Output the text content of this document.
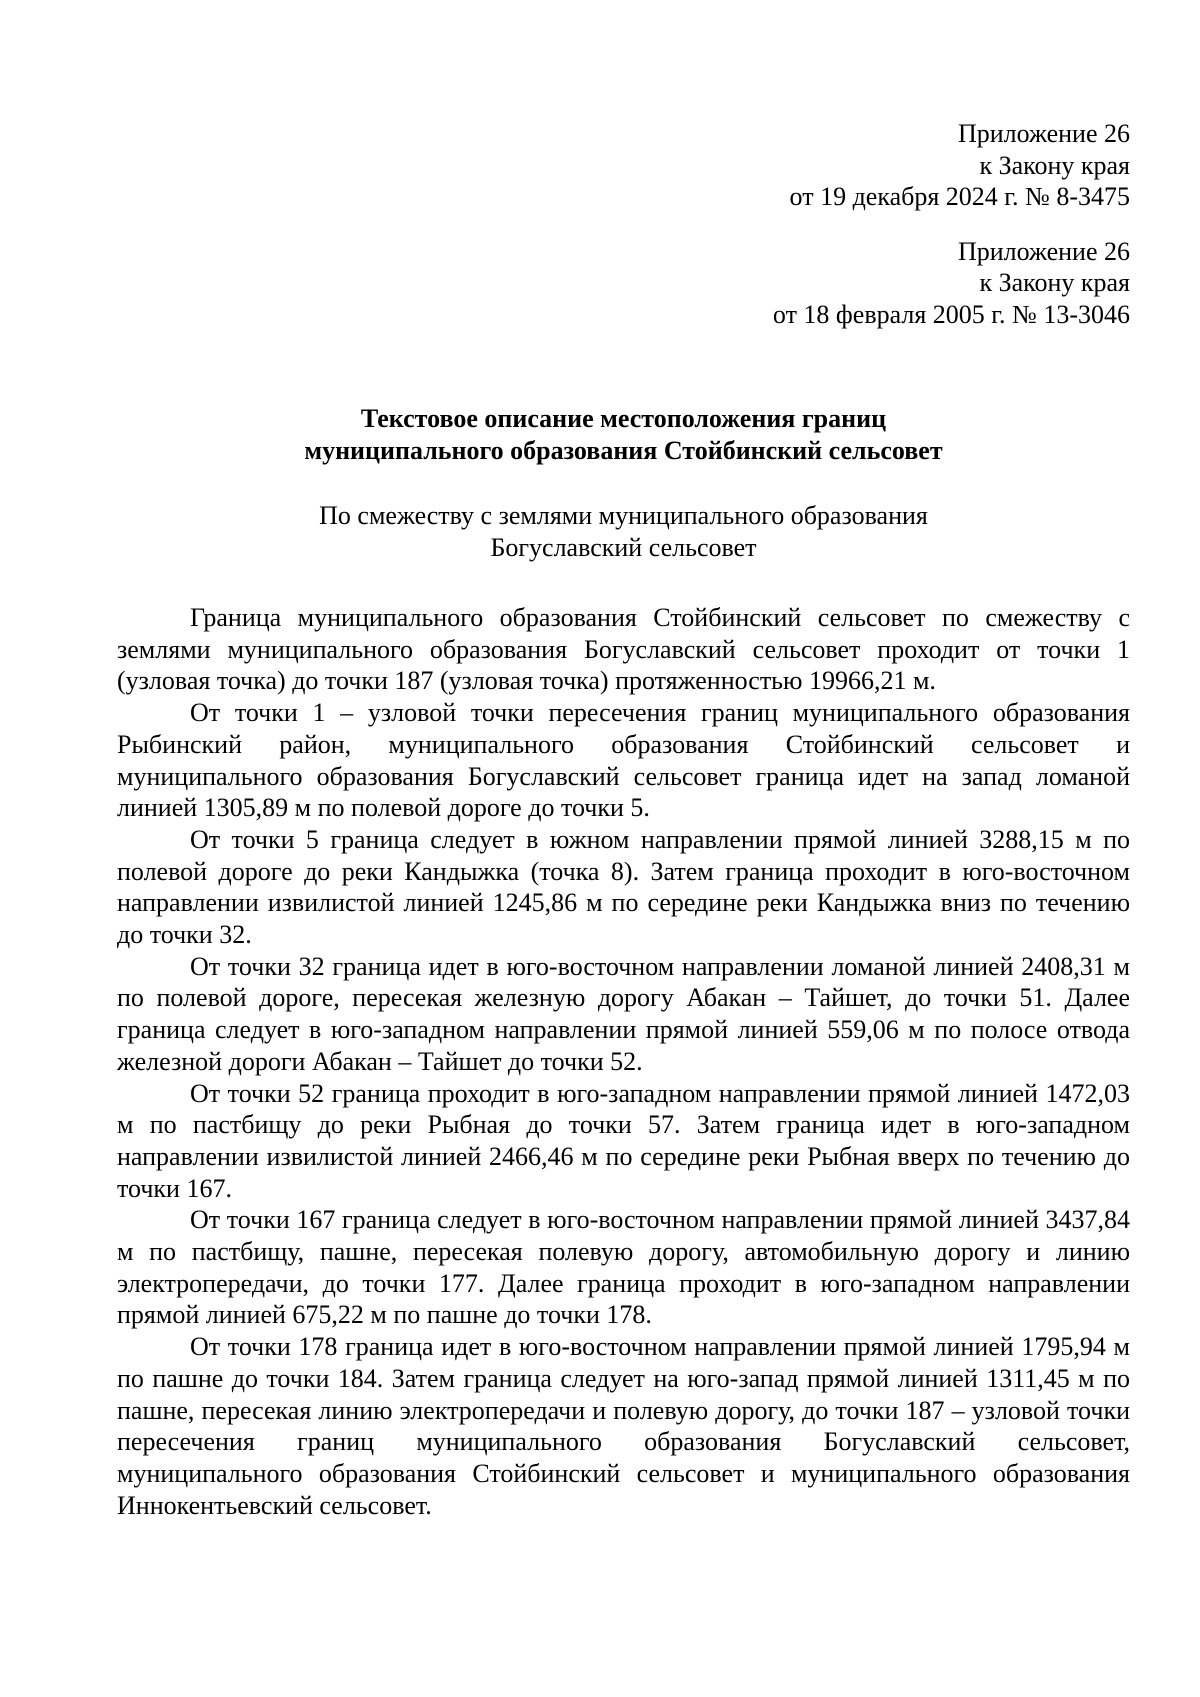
Приложение 26
к Закону края
от 19 декабря 2024 г. № 8-3475
Приложение 26
к Закону края
от 18 февраля 2005 г. № 13-3046
Текстовое описание местоположения границ
муниципального образования Стойбинский сельсовет
По смежеству с землями муниципального образования
Богуславский сельсовет

Граница муниципального образования Стойбинский сельсовет по смежеству с землями муниципального образования Богуславский сельсовет проходит от точки 1 (узловая точка) до точки 187 (узловая точка) протяженностью 19966,21 м.

От точки 1 – узловой точки пересечения границ муниципального образования Рыбинский район, муниципального образования Стойбинский сельсовет и муниципального образования Богуславский сельсовет граница идет на запад ломаной линией 1305,89 м по полевой дороге до точки 5.

От точки 5 граница следует в южном направлении прямой линией 3288,15 м по полевой дороге до реки Кандыжка (точка 8). Затем граница проходит в юго-восточном направлении извилистой линией 1245,86 м по середине реки Кандыжка вниз по течению до точки 32.

От точки 32 граница идет в юго-восточном направлении ломаной линией 2408,31 м по полевой дороге, пересекая железную дорогу Абакан – Тайшет, до точки 51. Далее граница следует в юго-западном направлении прямой линией 559,06 м по полосе отвода железной дороги Абакан – Тайшет до точки 52.

От точки 52 граница проходит в юго-западном направлении прямой линией 1472,03 м по пастбищу до реки Рыбная до точки 57. Затем граница идет в юго-западном направлении извилистой линией 2466,46 м по середине реки Рыбная вверх по течению до точки 167.

От точки 167 граница следует в юго-восточном направлении прямой линией 3437,84 м по пастбищу, пашне, пересекая полевую дорогу, автомобильную дорогу и линию электропередачи, до точки 177. Далее граница проходит в юго-западном направлении прямой линией 675,22 м по пашне до точки 178.

От точки 178 граница идет в юго-восточном направлении прямой линией 1795,94 м по пашне до точки 184. Затем граница следует на юго-запад прямой линией 1311,45 м по пашне, пересекая линию электропередачи и полевую дорогу, до точки 187 – узловой точки пересечения границ муниципального образования Богуславский сельсовет, муниципального образования Стойбинский сельсовет и муниципального образования Иннокентьевский сельсовет.
